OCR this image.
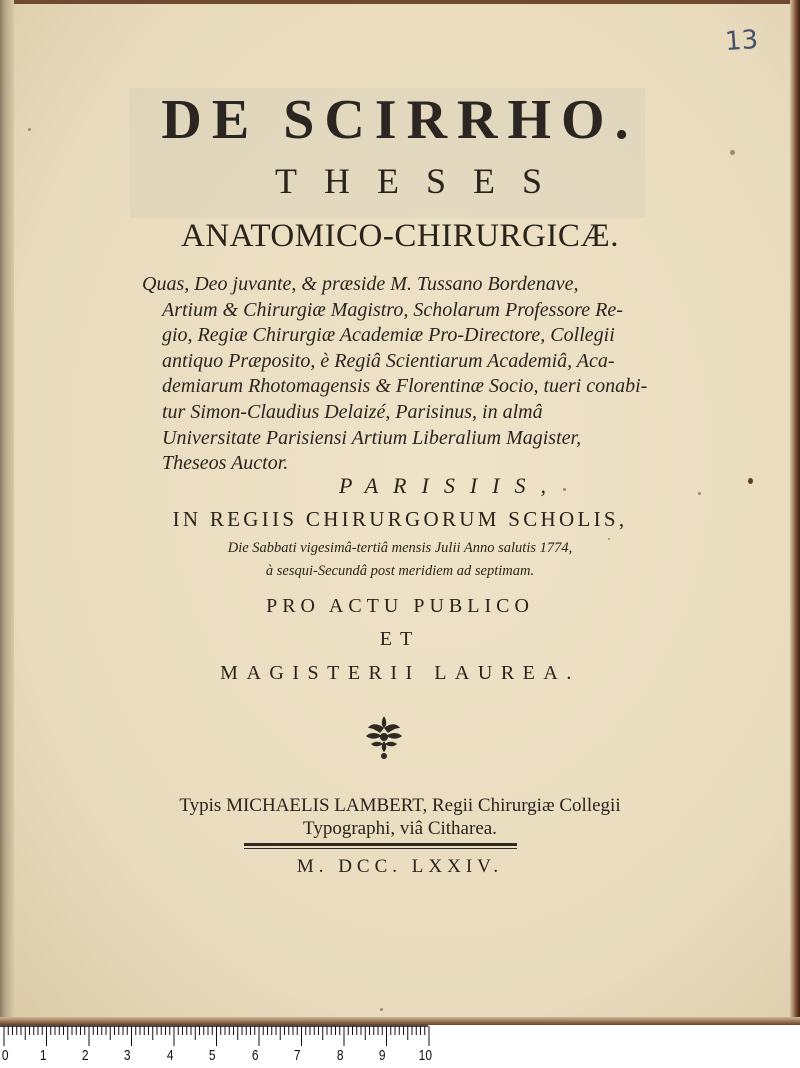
13
DE SCIRRHO.
THESES
ANATOMICO-CHIRURGICÆ.
Quas, Deo juvante, & præside M. Tussano Bordenave,
Artium & Chirurgiæ Magistro, Scholarum Professore Re-
gio, Regiæ Chirurgiæ Academiæ Pro-Directore, Collegii
antiquo Præposito, è Regiâ Scientiarum Academiâ, Aca-
demiarum Rhotomagensis & Florentinæ Socio, tueri conabi-
tur Simon-Claudius Delaizé, Parisinus, in almâ
Universitate Parisiensi Artium Liberalium Magister,
Theseos Auctor.
PARISIIS,
IN REGIIS CHIRURGORUM SCHOLIS,
Die Sabbati vigesimâ-tertiâ mensis Julii Anno salutis 1774,
à sesqui-Secundâ post meridiem ad septimam.
PRO ACTU PUBLICO
ET
MAGISTERII LAUREA.
Typis MICHAELIS LAMBERT, Regii Chirurgiæ Collegii
Typographi, viâ Citharea.
M. DCC. LXXIV.
0 1 2 3 4 5 6 7 8 9 10
